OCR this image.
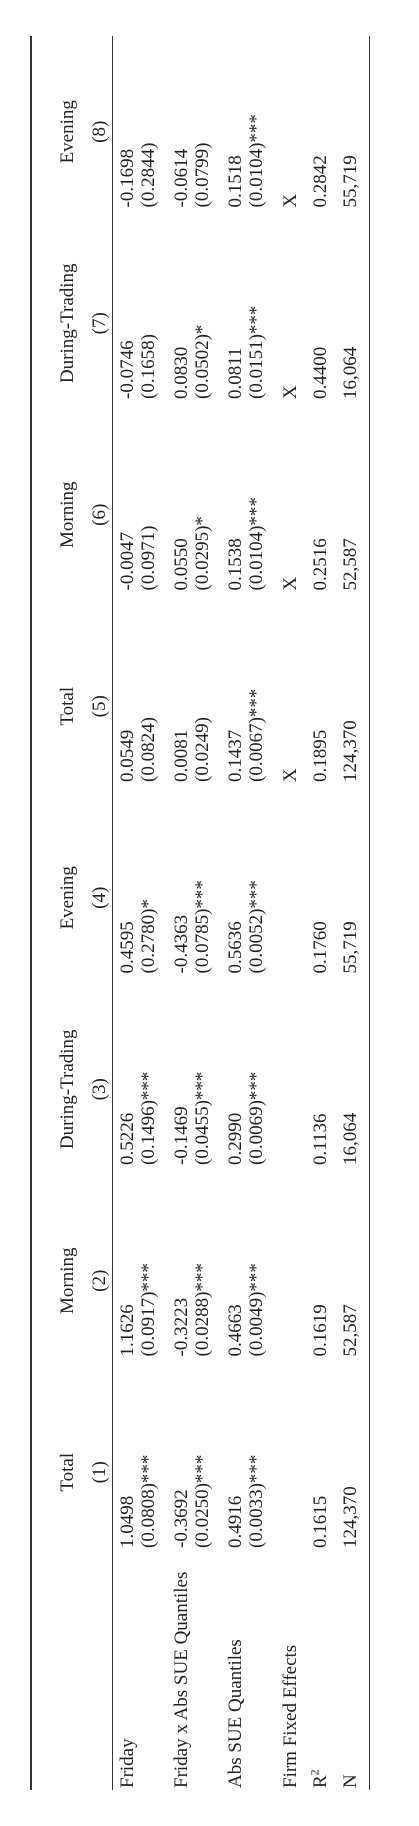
	Total	Morning	During-Trading	Evening	Total	Morning	During-Trading	Evening
	(1)	(2)	(3)	(4)	(5)	(6)	(7)	(8)
Friday	1.0498	1.1626	0.5226	0.4595	0.0549	-0.0047	-0.0746	-0.1698
	(0.0808)***	(0.0917)***	(0.1496)***	(0.2780)*	(0.0824)	(0.0971)	(0.1658)	(0.2844)
Friday x Abs SUE Quantiles	-0.3692	-0.3223	-0.1469	-0.4363	0.0081	0.0550	0.0830	-0.0614
	(0.0250)***	(0.0288)***	(0.0455)***	(0.0785)***	(0.0249)	(0.0295)*	(0.0502)*	(0.0799)
Abs SUE Quantiles	0.4916	0.4663	0.2990	0.5636	0.1437	0.1538	0.0811	0.1518
	(0.0033)***	(0.0049)***	(0.0069)***	(0.0052)***	(0.0067)***	(0.0104)***	(0.0151)***	(0.0104)***
Firm Fixed Effects					X	X	X	X
$R^2$	0.1615	0.1619	0.1136	0.1760	0.1895	0.2516	0.4400	0.2842
N	124,370	52,587	16,064	55,719	124,370	52,587	16,064	55,719
